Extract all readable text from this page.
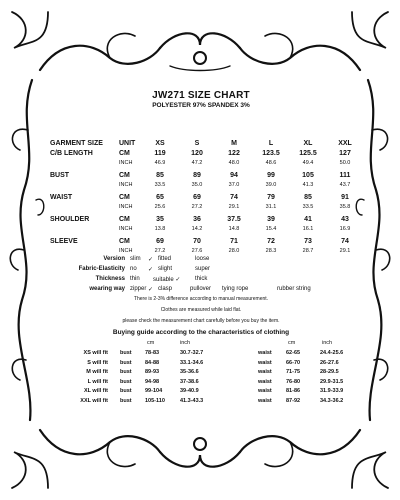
JW271 SIZE CHART
POLYESTER 97% SPANDEX 3%
GARMENT SIZE UNIT	XS	S	M	L	XL	XXL
C/B LENGTH	CM	119	120	122	123.5	125.5	127
INCH	46.9	47.2	48.0	48.6	49.4	50.0
BUST	CM	85	89	94	99	105	111
INCH	33.5	35.0	37.0	39.0	41.3	43.7
WAIST	CM	65	69	74	79	85	91
INCH	25.6	27.2	29.1	31.1	33.5	35.8
SHOULDER	CM	35	36	37.5	39	41	43
INCH	13.8	14.2	14.8	15.4	16.1	16.9
SLEEVE	CM	69	70	71	72	73	74
INCH	27.2	27.6	28.0	28.3	28.7	29.1
Version slim ✓ fitted	loose
Fabric-Elasticity no ✓ slight	super
Thickness thin suitable ✓ thick
wearing way zipper ✓ clasp	pullover tying rope	rubber string
There is 2-3% difference according to manual measurement.
Clothes are measured while laid flat.
please check the measurement chart carefully before you buy the item.
Buying guide according to the characteristics of clothing
cm	inch	cm	inch
XS will fit bust 78-83	30.7-32.7	waist	62-65	24.4-25.6
S will fit bust 84-88	33.1-34.6	waist	66-70	26-27.6
M will fit bust 89-93	35-36.6	waist	71-75	28-29.5
L will fit bust 94-98	37-38.6	waist	76-80	29.9-31.5
XL will fit bust 99-104	39-40.9	waist	81-86	31.9-33.9
XXL will fit bust 105-110	41.3-43.3	waist	87-92	34.3-36.2
